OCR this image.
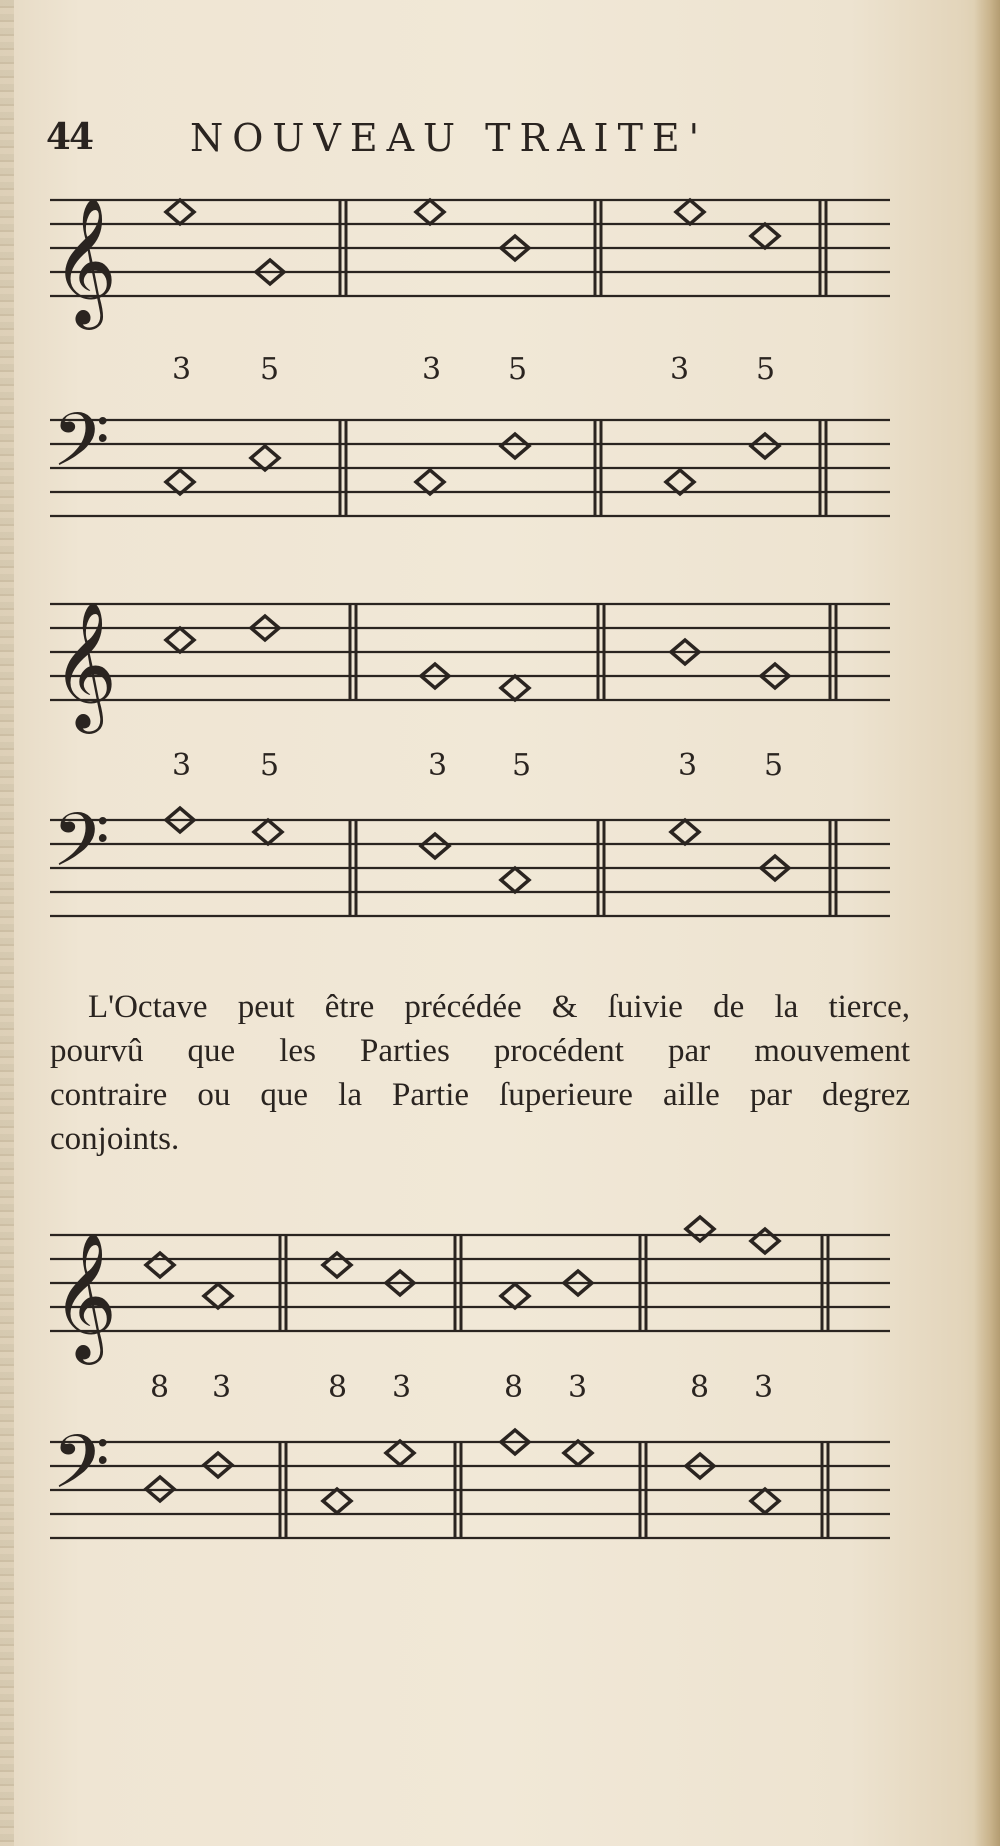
44	NOUVEAU TRAITE'
𝄞
𝄢
𝄞
𝄢
𝄞
𝄢
3 5	3 5	3 5
3 5	3 5	3 5
8 3	8 3	8 3	8 3
L'Octave peut être précédée & ſuivie de la tierce,
pourvû que les Parties procédent par mouvement
contraire ou que la Partie ſuperieure aille par degrez
conjoints.
